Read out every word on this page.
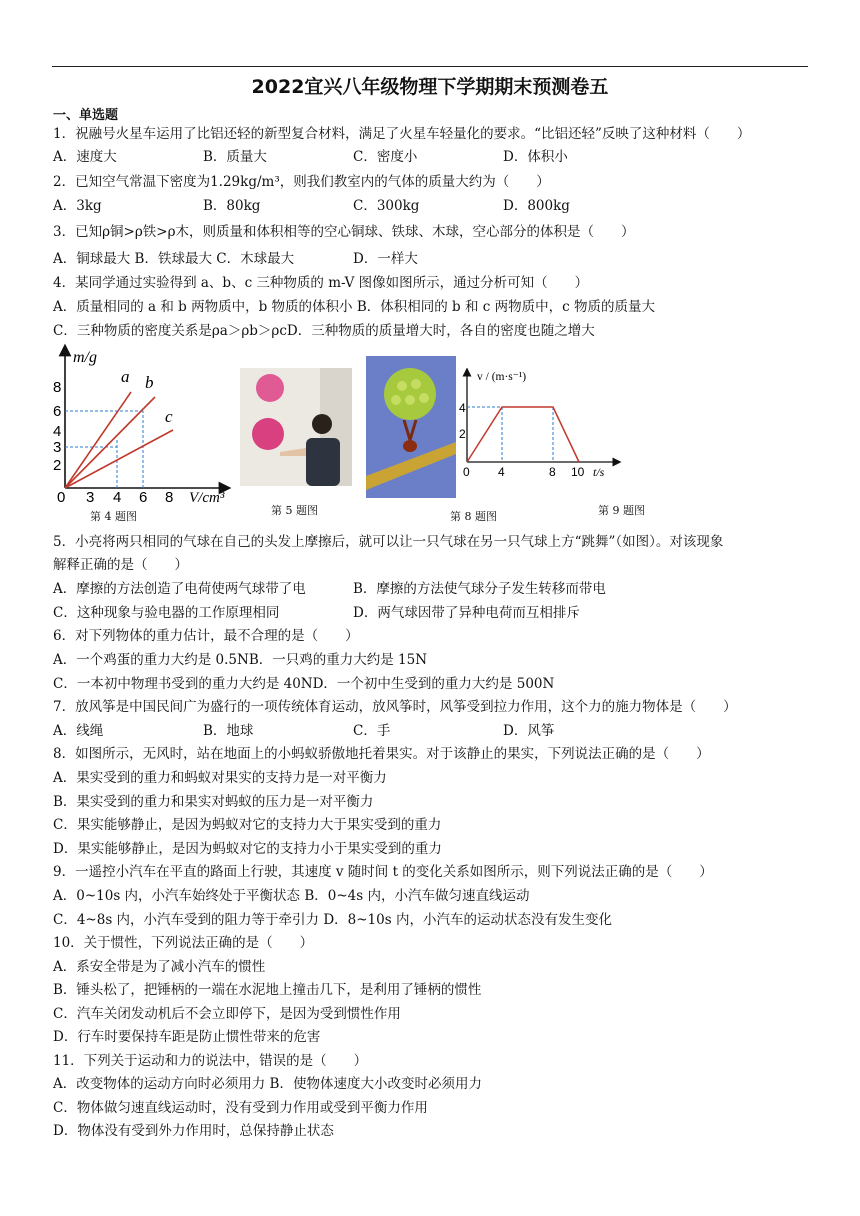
2022宜兴八年级物理下学期期末预测卷五
一、单选题
1．祝融号火星车运用了比铝还轻的新型复合材料，满足了火星车轻量化的要求。“比铝还轻”反映了这种材料（　　）
A．速度大	B．质量大	C．密度小	D．体积小
2．已知空气常温下密度为1.29kg/m³，则我们教室内的气体的质量大约为（　　）
A．3kg	B．80kg	C．300kg	D．800kg
3．已知ρ铜>ρ铁>ρ木，则质量和体积相等的空心铜球、铁球、木球，空心部分的体积是（　　）
A．铜球最大 B．铁球最大 C．木球最大	D．一样大
4．某同学通过实验得到 a、b、c 三种物质的 m-V 图像如图所示，通过分析可知（　　）
A．质量相同的 a 和 b 两物质中，b 物质的体积小 B．体积相同的 b 和 c 两物质中，c 物质的质量大
C．三种物质的密度关系是ρa＞ρb＞ρcD．三种物质的质量增大时，各自的密度也随之增大
m/g
V/cm³
0 3 4 6 8
2
3
4
6
8
a b
c
第 4 题图	第 5 题图	第 8 题图
v / (m·s⁻¹)
4
2
0 4	8 10 t/s
第 9 题图
5．小亮将两只相同的气球在自己的头发上摩擦后，就可以让一只气球在另一只气球上方“跳舞”（如图）。对该现象
解释正确的是（　　）
A．摩擦的方法创造了电荷使两气球带了电	B．摩擦的方法使气球分子发生转移而带电
C．这种现象与验电器的工作原理相同	D．两气球因带了异种电荷而互相排斥
6．对下列物体的重力估计，最不合理的是（　　）
A．一个鸡蛋的重力大约是 0.5NB．一只鸡的重力大约是 15N
C．一本初中物理书受到的重力大约是 40ND．一个初中生受到的重力大约是 500N
7．放风筝是中国民间广为盛行的一项传统体育运动，放风筝时，风筝受到拉力作用，这个力的施力物体是（　　）
A．线绳	B．地球	C．手	D．风筝
8．如图所示，无风时，站在地面上的小蚂蚁骄傲地托着果实。对于该静止的果实，下列说法正确的是（　　）
A．果实受到的重力和蚂蚁对果实的支持力是一对平衡力
B．果实受到的重力和果实对蚂蚁的压力是一对平衡力
C．果实能够静止，是因为蚂蚁对它的支持力大于果实受到的重力
D．果实能够静止，是因为蚂蚁对它的支持力小于果实受到的重力
9．一遥控小汽车在平直的路面上行驶，其速度 v 随时间 t 的变化关系如图所示，则下列说法正确的是（　　）
A．0~10s 内，小汽车始终处于平衡状态 B．0~4s 内，小汽车做匀速直线运动
C．4~8s 内，小汽车受到的阻力等于牵引力 D．8~10s 内，小汽车的运动状态没有发生变化
10．关于惯性，下列说法正确的是（　　）
A．系安全带是为了减小汽车的惯性
B．锤头松了，把锤柄的一端在水泥地上撞击几下，是利用了锤柄的惯性
C．汽车关闭发动机后不会立即停下，是因为受到惯性作用
D．行车时要保持车距是防止惯性带来的危害
11．下列关于运动和力的说法中，错误的是（　　）
A．改变物体的运动方向时必须用力 B．使物体速度大小改变时必须用力
C．物体做匀速直线运动时，没有受到力作用或受到平衡力作用
D．物体没有受到外力作用时，总保持静止状态
